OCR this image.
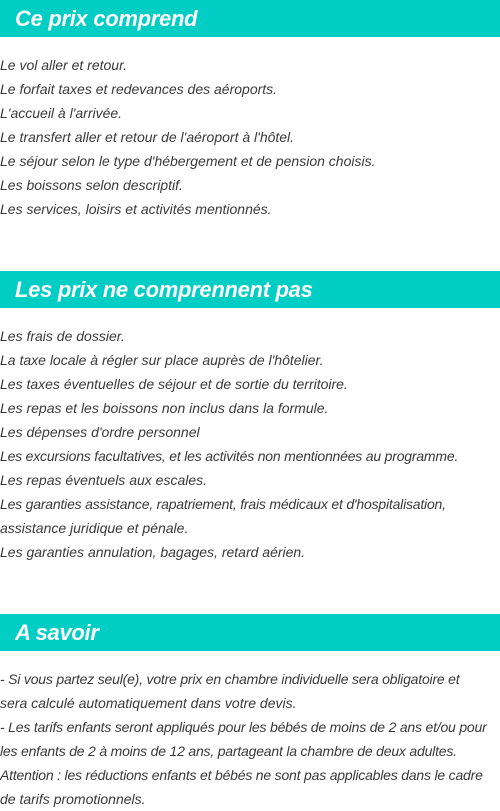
Ce prix comprend
Le vol aller et retour.
Le forfait taxes et redevances des aéroports.
L'accueil à l'arrivée.
Le transfert aller et retour de l'aéroport à l'hôtel.
Le séjour selon le type d'hébergement et de pension choisis.
Les boissons selon descriptif.
Les services, loisirs et activités mentionnés.
Les prix ne comprennent pas
Les frais de dossier.
La taxe locale à régler sur place auprès de l'hôtelier.
Les taxes éventuelles de séjour et de sortie du territoire.
Les repas et les boissons non inclus dans la formule.
Les dépenses d'ordre personnel
Les excursions facultatives, et les activités non mentionnées au programme.
Les repas éventuels aux escales.
Les garanties assistance, rapatriement, frais médicaux et d'hospitalisation,
assistance juridique et pénale.
Les garanties annulation, bagages, retard aérien.
A savoir
- Si vous partez seul(e), votre prix en chambre individuelle sera obligatoire et
sera calculé automatiquement dans votre devis.
- Les tarifs enfants seront appliqués pour les bébés de moins de 2 ans et/ou pour
les enfants de 2 à moins de 12 ans, partageant la chambre de deux adultes.
Attention : les réductions enfants et bébés ne sont pas applicables dans le cadre
de tarifs promotionnels.
